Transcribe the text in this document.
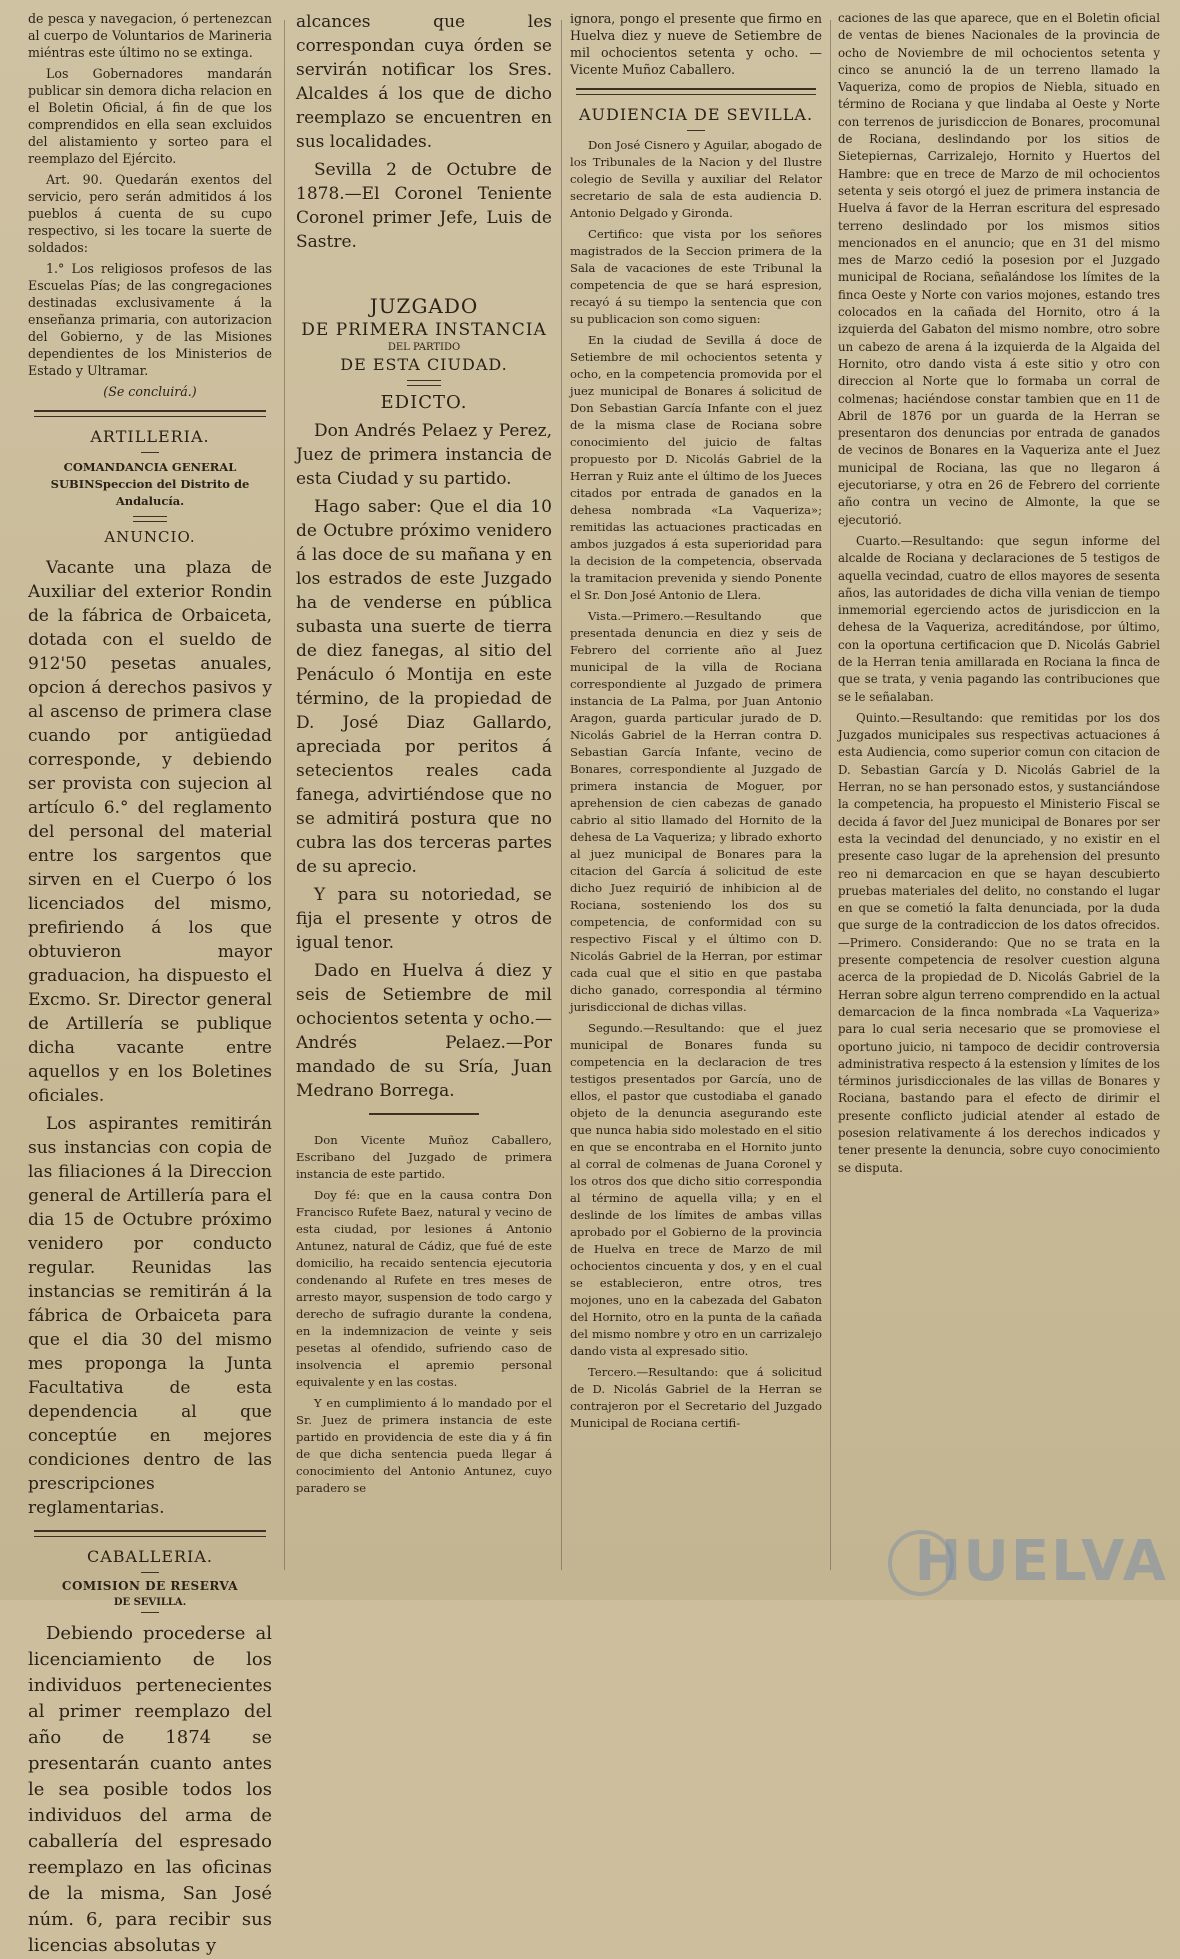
de pesca y navegacion, ó pertenezcan al cuerpo de Voluntarios de Marineria miéntras este último no se extinga.

Los Gobernadores mandarán publicar sin demora dicha relacion en el Boletin Oficial, á fin de que los comprendidos en ella sean excluidos del alistamiento y sorteo para el reemplazo del Ejército.

Art. 90. Quedarán exentos del servicio, pero serán admitidos á los pueblos á cuenta de su cupo respectivo, si les tocare la suerte de soldados:

1.° Los religiosos profesos de las Escuelas Pías; de las congregaciones destinadas exclusivamente á la enseñanza primaria, con autorizacion del Gobierno, y de las Misiones dependientes de los Ministerios de Estado y Ultramar.

(Se concluirá.)

ARTILLERIA.

COMANDANCIA GENERAL SUBINSpeccion del Distrito de Andalucía.

ANUNCIO.

Vacante una plaza de Auxiliar del exterior Rondin de la fábrica de Orbaiceta, dotada con el sueldo de 912'50 pesetas anuales, opcion á derechos pasivos y al ascenso de primera clase cuando por antigüedad corresponde, y debiendo ser provista con sujecion al artículo 6.° del reglamento del personal del material entre los sargentos que sirven en el Cuerpo ó los licenciados del mismo, prefiriendo á los que obtuvieron mayor graduacion, ha dispuesto el Excmo. Sr. Director general de Artillería se publique dicha vacante entre aquellos y en los Boletines oficiales.

Los aspirantes remitirán sus instancias con copia de las filiaciones á la Direccion general de Artillería para el dia 15 de Octubre próximo venidero por conducto regular. Reunidas las instancias se remitirán á la fábrica de Orbaiceta para que el dia 30 del mismo mes proponga la Junta Facultativa de esta dependencia al que conceptúe en mejores condiciones dentro de las prescripciones reglamentarias.

CABALLERIA.
COMISION DE RESERVA
DE SEVILLA.

Debiendo procederse al licenciamiento de los individuos pertenecientes al primer reemplazo del año de 1874 se presentarán cuanto antes le sea posible todos los individuos del arma de caballería del espresado reemplazo en las oficinas de la misma, San José núm. 6, para recibir sus licencias absolutas y

alcances que les correspondan cuya órden se servirán notificar los Sres. Alcaldes á los que de dicho reemplazo se encuentren en sus localidades.

Sevilla 2 de Octubre de 1878.—El Coronel Teniente Coronel primer Jefe, Luis de Sastre.

JUZGADO
DE PRIMERA INSTANCIA
DEL PARTIDO
DE ESTA CIUDAD.
EDICTO.

Don Andrés Pelaez y Perez, Juez de primera instancia de esta Ciudad y su partido.

Hago saber: Que el dia 10 de Octubre próximo venidero á las doce de su mañana y en los estrados de este Juzgado ha de venderse en pública subasta una suerte de tierra de diez fanegas, al sitio del Penáculo ó Montija en este término, de la propiedad de D. José Diaz Gallardo, apreciada por peritos á setecientos reales cada fanega, advirtiéndose que no se admitirá postura que no cubra las dos terceras partes de su aprecio.

Y para su notoriedad, se fija el presente y otros de igual tenor.

Dado en Huelva á diez y seis de Setiembre de mil ochocientos setenta y ocho.—Andrés Pelaez.—Por mandado de su Sría, Juan Medrano Borrega.

Don Vicente Muñoz Caballero, Escribano del Juzgado de primera instancia de este partido.

Doy fé: que en la causa contra Don Francisco Rufete Baez, natural y vecino de esta ciudad, por lesiones á Antonio Antunez, natural de Cádiz, que fué de este domicilio, ha recaido sentencia ejecutoria condenando al Rufete en tres meses de arresto mayor, suspension de todo cargo y derecho de sufragio durante la condena, en la indemnizacion de veinte y seis pesetas al ofendido, sufriendo caso de insolvencia el apremio personal equivalente y en las costas.

Y en cumplimiento á lo mandado por el Sr. Juez de primera instancia de este partido en providencia de este dia y á fin de que dicha sentencia pueda llegar á conocimiento del Antonio Antunez, cuyo paradero se

ignora, pongo el presente que firmo en Huelva diez y nueve de Setiembre de mil ochocientos setenta y ocho. —Vicente Muñoz Caballero.

AUDIENCIA DE SEVILLA.

Don José Cisnero y Aguilar, abogado de los Tribunales de la Nacion y del Ilustre colegio de Sevilla y auxiliar del Relator secretario de sala de esta audiencia D. Antonio Delgado y Gironda.

Certifico: que vista por los señores magistrados de la Seccion primera de la Sala de vacaciones de este Tribunal la competencia de que se hará espresion, recayó á su tiempo la sentencia que con su publicacion son como siguen:

En la ciudad de Sevilla á doce de Setiembre de mil ochocientos setenta y ocho, en la competencia promovida por el juez municipal de Bonares á solicitud de Don Sebastian García Infante con el juez de la misma clase de Rociana sobre conocimiento del juicio de faltas propuesto por D. Nicolás Gabriel de la Herran y Ruiz ante el último de los Jueces citados por entrada de ganados en la dehesa nombrada «La Vaqueriza»; remitidas las actuaciones practicadas en ambos juzgados á esta superioridad para la decision de la competencia, observada la tramitacion prevenida y siendo Ponente el Sr. Don José Antonio de Llera.

Vista.—Primero.—Resultando que presentada denuncia en diez y seis de Febrero del corriente año al Juez municipal de la villa de Rociana correspondiente al Juzgado de primera instancia de La Palma, por Juan Antonio Aragon, guarda particular jurado de D. Nicolás Gabriel de la Herran contra D. Sebastian García Infante, vecino de Bonares, correspondiente al Juzgado de primera instancia de Moguer, por aprehension de cien cabezas de ganado cabrio al sitio llamado del Hornito de la dehesa de La Vaqueriza; y librado exhorto al juez municipal de Bonares para la citacion del García á solicitud de este dicho Juez requirió de inhibicion al de Rociana, sosteniendo los dos su competencia, de conformidad con su respectivo Fiscal y el último con D. Nicolás Gabriel de la Herran, por estimar cada cual que el sitio en que pastaba dicho ganado, correspondia al término jurisdiccional de dichas villas.

Segundo.—Resultando: que el juez municipal de Bonares funda su competencia en la declaracion de tres testigos presentados por García, uno de ellos, el pastor que custodiaba el ganado objeto de la denuncia asegurando este que nunca habia sido molestado en el sitio en que se encontraba en el Hornito junto al corral de colmenas de Juana Coronel y los otros dos que dicho sitio correspondia al término de aquella villa; y en el deslinde de los límites de ambas villas aprobado por el Gobierno de la provincia de Huelva en trece de Marzo de mil ochocientos cincuenta y dos, y en el cual se establecieron, entre otros, tres mojones, uno en la cabezada del Gabaton del Hornito, otro en la punta de la cañada del mismo nombre y otro en un carrizalejo dando vista al expresado sitio.

Tercero.—Resultando: que á solicitud de D. Nicolás Gabriel de la Herran se contrajeron por el Secretario del Juzgado Municipal de Rociana certifi-

caciones de las que aparece, que en el Boletin oficial de ventas de bienes Nacionales de la provincia de ocho de Noviembre de mil ochocientos setenta y cinco se anunció la de un terreno llamado la Vaqueriza, como de propios de Niebla, situado en término de Rociana y que lindaba al Oeste y Norte con terrenos de jurisdiccion de Bonares, procomunal de Rociana, deslindando por los sitios de Sietepiernas, Carrizalejo, Hornito y Huertos del Hambre: que en trece de Marzo de mil ochocientos setenta y seis otorgó el juez de primera instancia de Huelva á favor de la Herran escritura del espresado terreno deslindado por los mismos sitios mencionados en el anuncio; que en 31 del mismo mes de Marzo cedió la posesion por el Juzgado municipal de Rociana, señalándose los límites de la finca Oeste y Norte con varios mojones, estando tres colocados en la cañada del Hornito, otro á la izquierda del Gabaton del mismo nombre, otro sobre un cabezo de arena á la izquierda de la Algaida del Hornito, otro dando vista á este sitio y otro con direccion al Norte que lo formaba un corral de colmenas; haciéndose constar tambien que en 11 de Abril de 1876 por un guarda de la Herran se presentaron dos denuncias por entrada de ganados de vecinos de Bonares en la Vaqueriza ante el Juez municipal de Rociana, las que no llegaron á ejecutoriarse, y otra en 26 de Febrero del corriente año contra un vecino de Almonte, la que se ejecutorió.

Cuarto.—Resultando: que segun informe del alcalde de Rociana y declaraciones de 5 testigos de aquella vecindad, cuatro de ellos mayores de sesenta años, las autoridades de dicha villa venian de tiempo inmemorial egerciendo actos de jurisdiccion en la dehesa de la Vaqueriza, acreditándose, por último, con la oportuna certificacion que D. Nicolás Gabriel de la Herran tenia amillarada en Rociana la finca de que se trata, y venia pagando las contribuciones que se le señalaban.

Quinto.—Resultando: que remitidas por los dos Juzgados municipales sus respectivas actuaciones á esta Audiencia, como superior comun con citacion de D. Sebastian García y D. Nicolás Gabriel de la Herran, no se han personado estos, y sustanciándose la competencia, ha propuesto el Ministerio Fiscal se decida á favor del Juez municipal de Bonares por ser esta la vecindad del denunciado, y no existir en el presente caso lugar de la aprehension del presunto reo ni demarcacion en que se hayan descubierto pruebas materiales del delito, no constando el lugar en que se cometió la falta denunciada, por la duda que surge de la contradiccion de los datos ofrecidos.—Primero. Considerando: Que no se trata en la presente competencia de resolver cuestion alguna acerca de la propiedad de D. Nicolás Gabriel de la Herran sobre algun terreno comprendido en la actual demarcacion de la finca nombrada «La Vaqueriza» para lo cual seria necesario que se promoviese el oportuno juicio, ni tampoco de decidir controversia administrativa respecto á la estension y límites de los términos jurisdiccionales de las villas de Bonares y Rociana, bastando para el efecto de dirimir el presente conflicto judicial atender al estado de posesion relativamente á los derechos indicados y tener presente la denuncia, sobre cuyo conocimiento se disputa.

HUELVA
